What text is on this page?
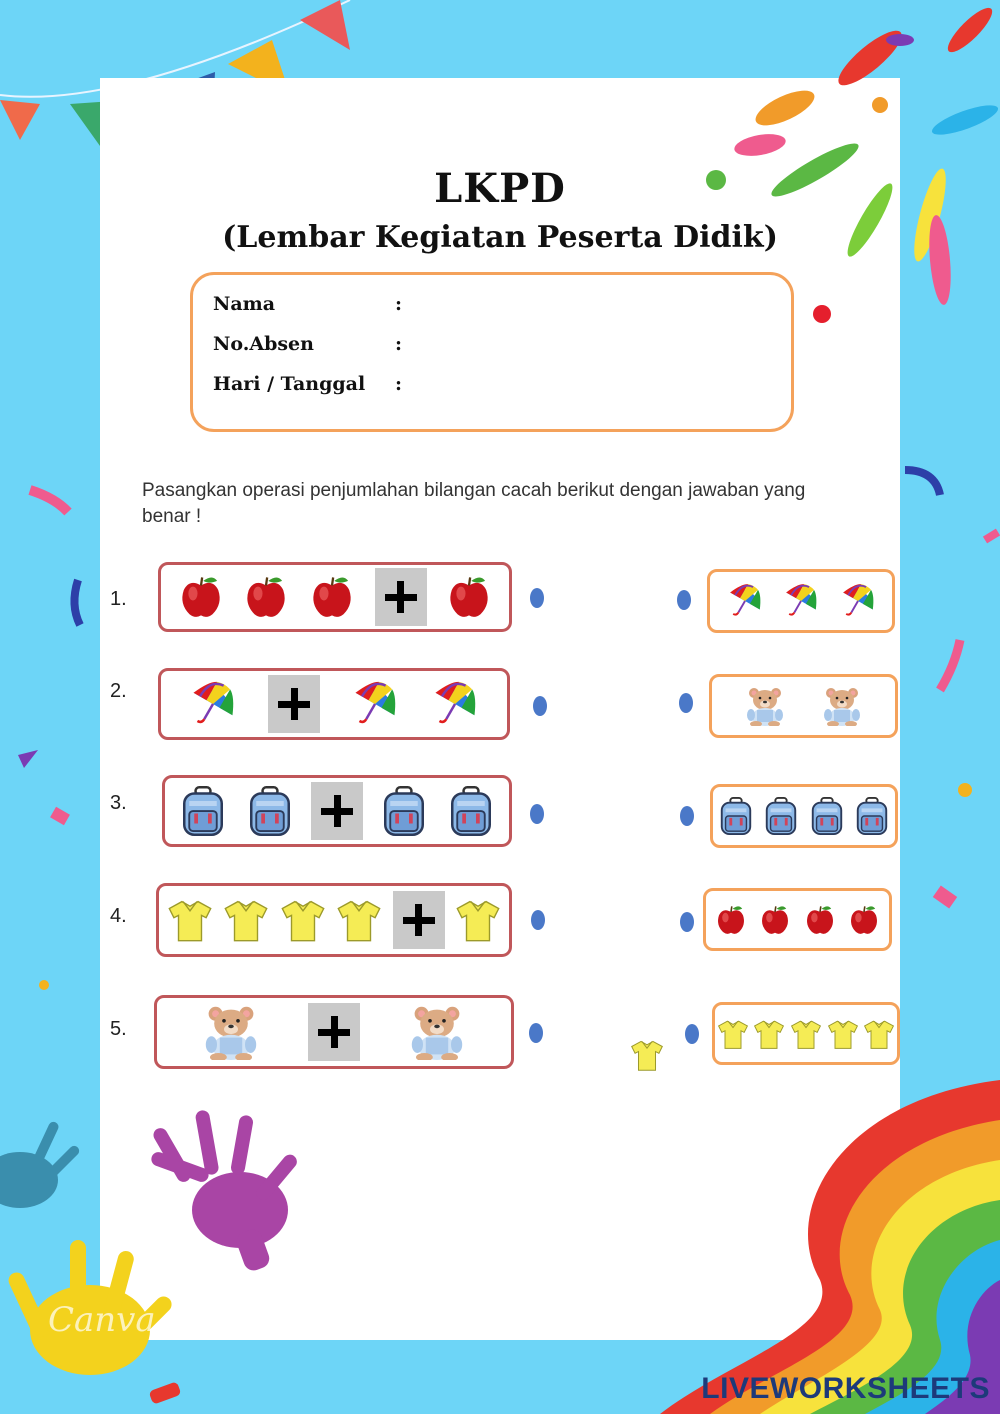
Canva
LKPD
(Lembar Kegiatan Peserta Didik)
Nama	:
No.Absen	:
Hari / Tanggal :
Pasangkan operasi penjumlahan bilangan cacah berikut dengan jawaban yang benar !
1.
2.
3.
4.
5.
LIVEWORKSHEETS
